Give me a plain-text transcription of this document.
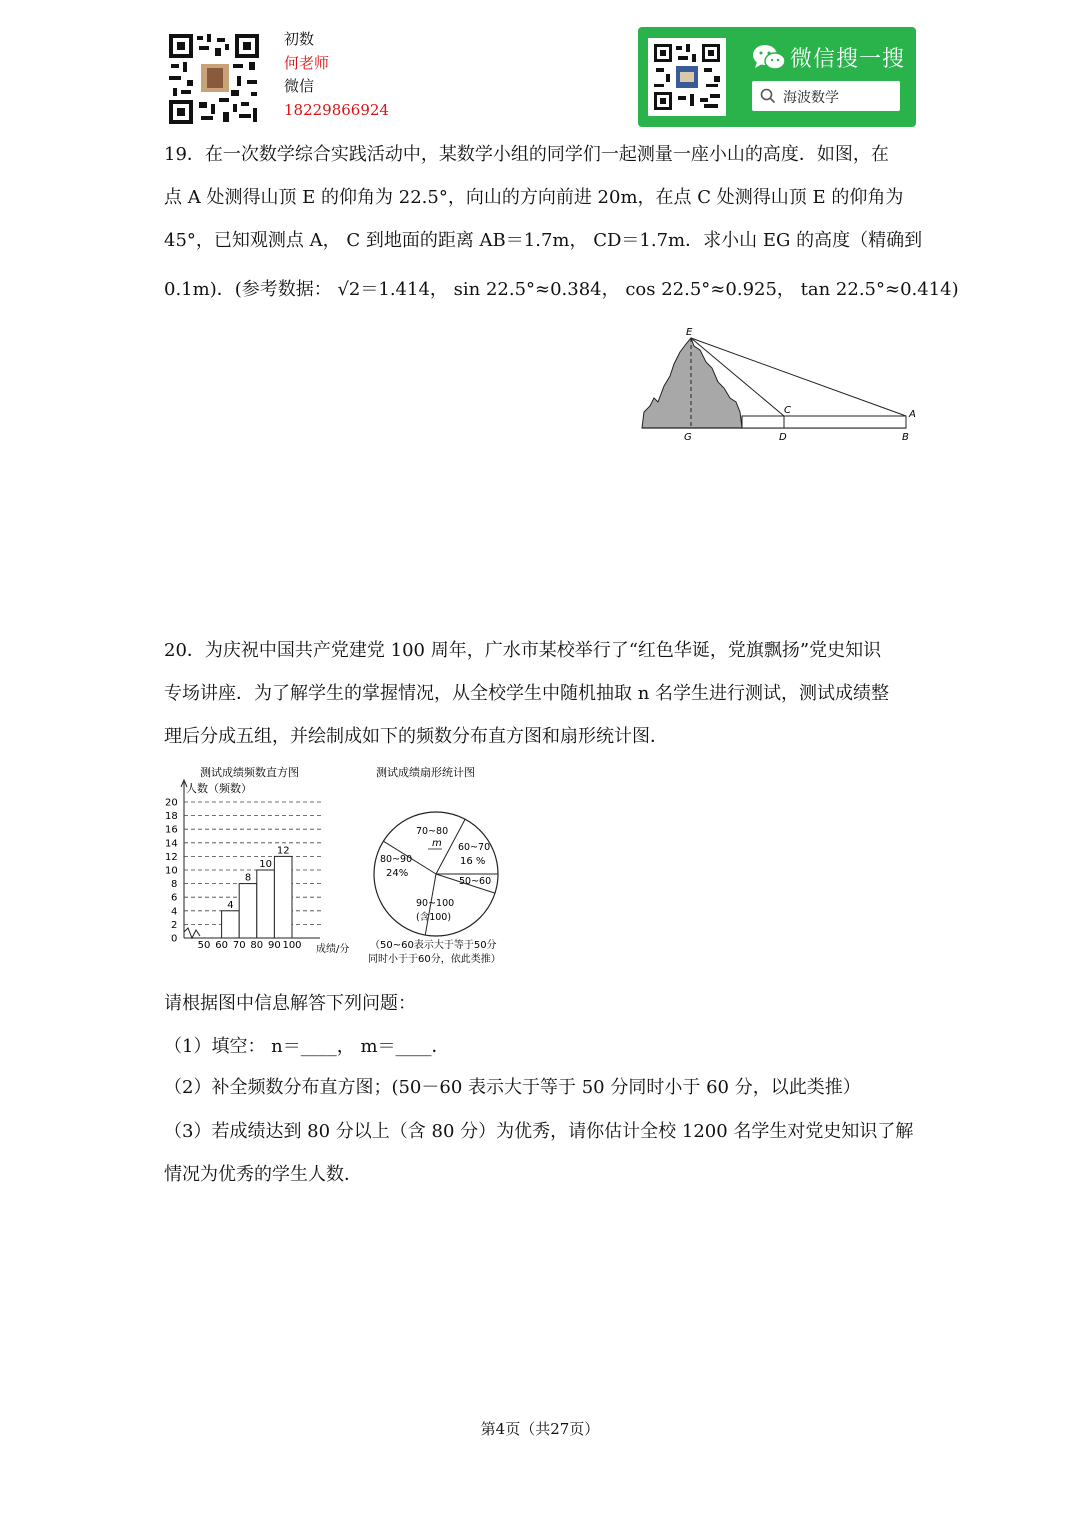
初数
何老师
微信
18229866924
微信搜一搜
海波数学
19．在一次数学综合实践活动中，某数学小组的同学们一起测量一座小山的高度．如图，在
点 A 处测得山顶 E 的仰角为 22.5°，向山的方向前进 20m，在点 C 处测得山顶 E 的仰角为
45°，已知观测点 A， C 到地面的距离 AB＝1.7m， CD＝1.7m．求小山 EG 的高度（精确到
0.1m)．(参考数据： √2＝1.414， sin 22.5°≈0.384， cos 22.5°≈0.925， tan 22.5°≈0.414)
E
C	A
G	D	B
20．为庆祝中国共产党建党 100 周年，广水市某校举行了“红色华诞，党旗飘扬”党史知识
专场讲座．为了解学生的掌握情况，从全校学生中随机抽取 n 名学生进行测试，测试成绩整
理后分成五组，并绘制成如下的频数分布直方图和扇形统计图．
测试成绩频数直方图
人数（频数）
成绩/分
0
2
4
6
8
10
12
14
16
18
20
50 60 70 80 90 100
4
8
10
12
测试成绩扇形统计图
70~80
m 60~70
16 %
50~60
90~100
(含100)
80~90
24%
（50~60表示大于等于50分
同时小于于60分，依此类推）
请根据图中信息解答下列问题：
（1）填空： n＝____， m＝____．
（2）补全频数分布直方图；(50－60 表示大于等于 50 分同时小于 60 分，以此类推）
（3）若成绩达到 80 分以上（含 80 分）为优秀，请你估计全校 1200 名学生对党史知识了解
情况为优秀的学生人数．
第4页（共27页）
